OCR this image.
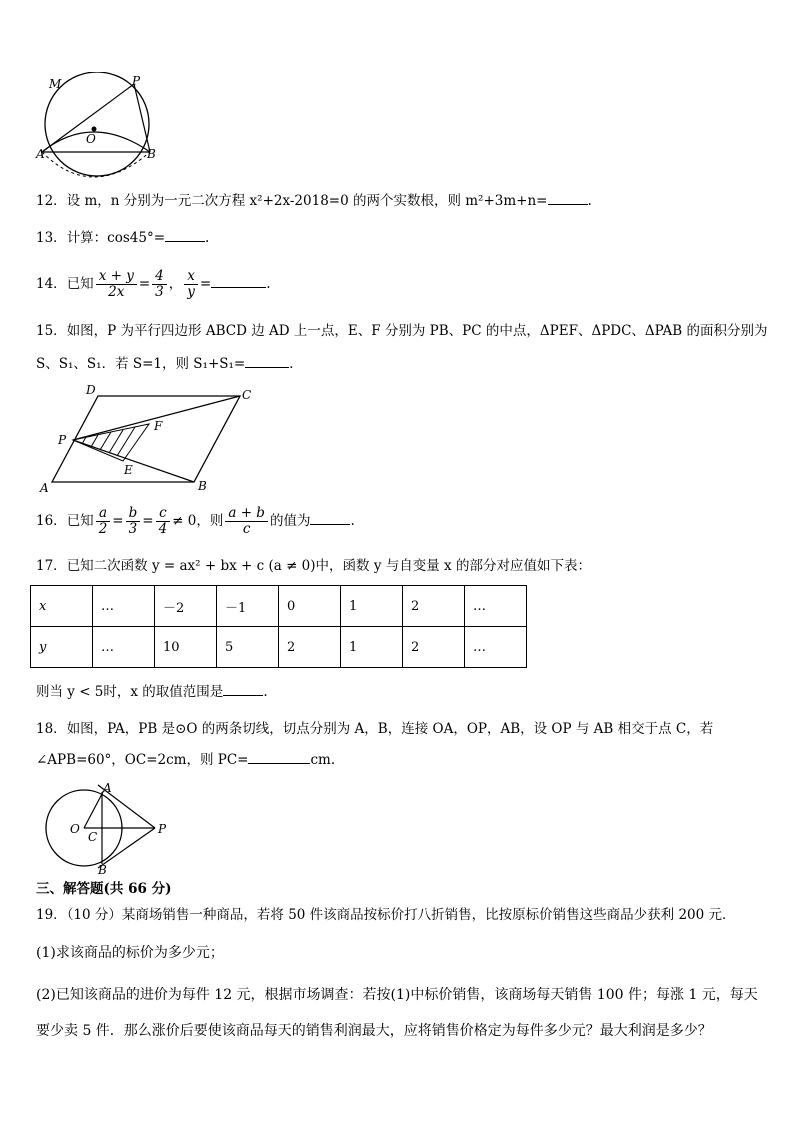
M	P
O
A	B
12．设 m，n 分别为一元二次方程 x²+2x-2018=0 的两个实数根，则 m²+3m+n=	.
13．计算：cos45°=	.
14．已知 $\frac{x + y}{2x} = \frac{4}{3}$ ， $\frac{x}{y}$ =	.
15．如图，P 为平行四边形 ABCD 边 AD 上一点，E、F 分别为 PB、PC 的中点，ΔPEF、ΔPDC、ΔPAB 的面积分别为
S、S₁、S₁．若 S=1，则 S₁+S₁=	．
D	C
P
F
E
A	B
16．已知 $\frac{a}{2} = \frac{b}{3} = \frac{c}{4} \ne 0$，则 $\frac{a + b}{c}$ 的值为	.
17．已知二次函数 y = ax² + bx + c (a ≠ 0)中，函数 y 与自变量 x 的部分对应值如下表：
x	…	－2	－1	0	1	2	…
y	…	10	5	2	1	2	…
则当 y < 5时，x 的取值范围是	.
18．如图，PA，PB 是⊙O 的两条切线，切点分别为 A，B，连接 OA，OP，AB，设 OP 与 AB 相交于点 C，若
∠APB=60°，OC=2cm，则 PC=	cm.
A
O
C
P
B
三、解答题(共 66 分)
19．（10 分）某商场销售一种商品，若将 50 件该商品按标价打八折销售，比按原标价销售这些商品少获利 200 元．
(1)求该商品的标价为多少元；
(2)已知该商品的进价为每件 12 元，根据市场调查：若按(1)中标价销售，该商场每天销售 100 件；每涨 1 元，每天
要少卖 5 件．那么涨价后要使该商品每天的销售利润最大，应将销售价格定为每件多少元？最大利润是多少？
